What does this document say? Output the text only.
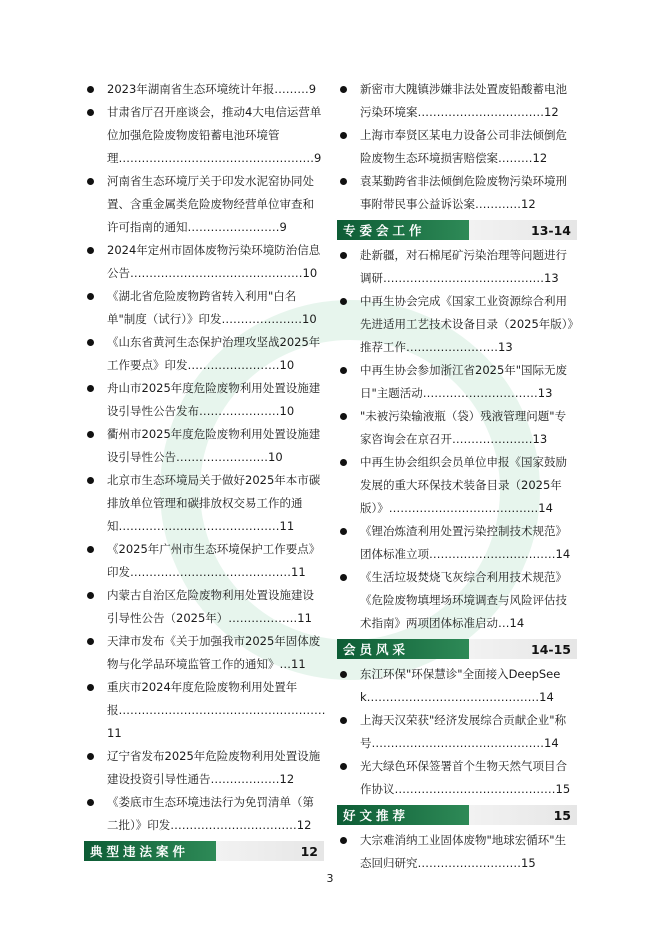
2023年湖南省生态环境统计年报………9
甘肃省厅召开座谈会，推动4大电信运营单位加强危险废物废铅蓄电池环境管理……………………………………………9
河南省生态环境厅关于印发水泥窑协同处置、含重金属类危险废物经营单位审查和许可指南的通知……………………9
2024年定州市固体废物污染环境防治信息公告………………………………………10
《湖北省危险废物跨省转入利用"白名单"制度（试行）》印发…………………10
《山东省黄河生态保护治理攻坚战2025年工作要点》印发……………………10
舟山市2025年度危险废物利用处置设施建设引导性公告发布…………………10
衢州市2025年度危险废物利用处置设施建设引导性公告……………………10
北京市生态环境局关于做好2025年本市碳排放单位管理和碳排放权交易工作的通知……………………………………11
《2025年广州市生态环境保护工作要点》印发……………………………………11
内蒙古自治区危险废物利用处置设施建设引导性公告（2025年）………………11
天津市发布《关于加强我市2025年固体废物与化学品环境监管工作的通知》…11
重庆市2024年度危险废物利用处置年报………………………………………………11
辽宁省发布2025年危险废物利用处置设施建设投资引导性通告………………12
《娄底市生态环境违法行为免罚清单（第二批）》印发……………………………12
典型违法案件	12
新密市大隗镇涉嫌非法处置废铅酸蓄电池污染环境案……………………………12
上海市奉贤区某电力设备公司非法倾倒危险废物生态环境损害赔偿案………12
袁某勤跨省非法倾倒危险废物污染环境刑事附带民事公益诉讼案…………12
专委会工作	13-14
赴新疆，对石棉尾矿污染治理等问题进行调研……………………………………13
中再生协会完成《国家工业资源综合利用先进适用工艺技术设备目录（2025年版）》推荐工作……………………13
中再生协会参加浙江省2025年"国际无废日"主题活动…………………………13
"未被污染输液瓶（袋）残液管理问题"专家咨询会在京召开…………………13
中再生协会组织会员单位申报《国家鼓励发展的重大环保技术装备目录（2025年版）》…………………………………14
《锂冶炼渣利用处置污染控制技术规范》团体标准立项……………………………14
《生活垃圾焚烧飞灰综合利用技术规范》《危险废物填埋场环境调查与风险评估技术指南》两项团体标准启动…14
会员风采	14-15
东江环保"环保慧诊"全面接入DeepSeek………………………………………14
上海天汉荣获"经济发展综合贡献企业"称号………………………………………14
光大绿色环保签署首个生物天然气项目合作协议……………………………………15
好文推荐	15
大宗难消纳工业固体废物"地球宏循环"生态回归研究………………………15
3
